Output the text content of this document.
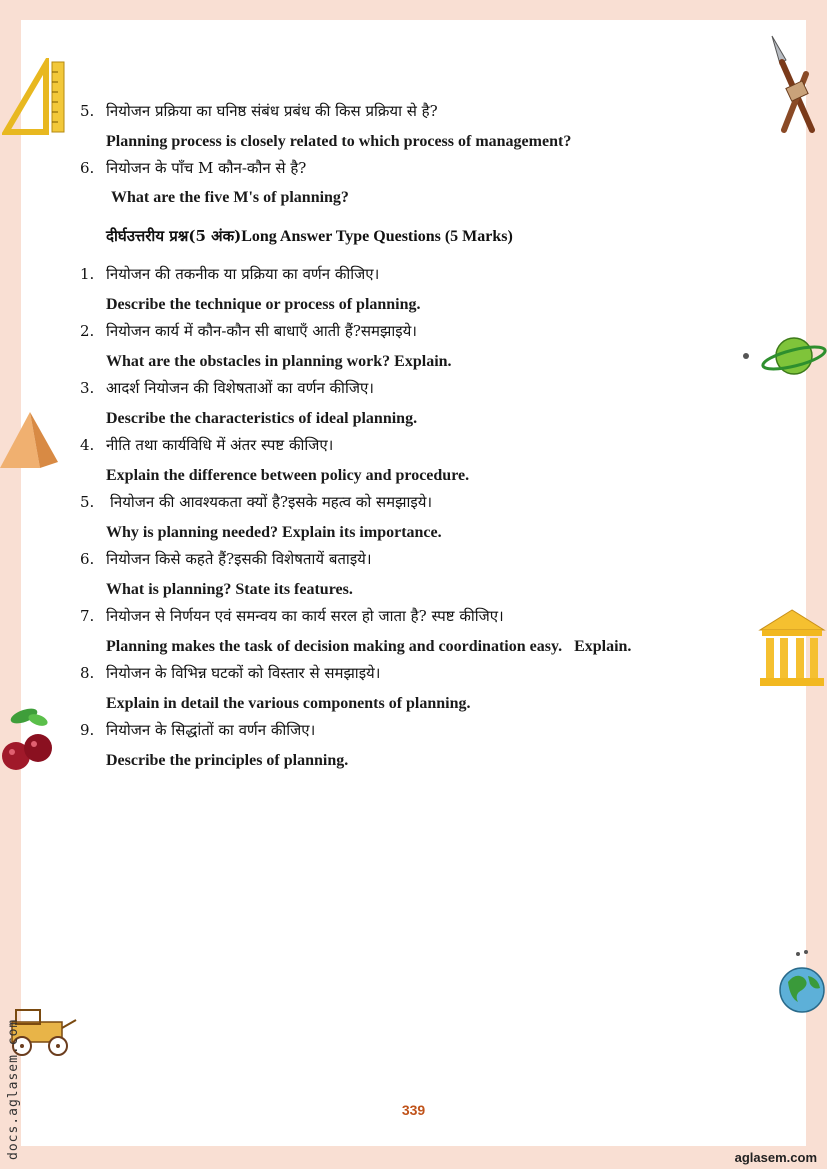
5. नियोजन प्रक्रिया का घनिष्ठ संबंध प्रबंध की किस प्रक्रिया से है?
Planning process is closely related to which process of management?
6. नियोजन के पाँच M कौन-कौन से है?
What are the five M's of planning?
दीर्घउत्तरीय प्रश्न(5 अंक)Long Answer Type Questions (5 Marks)
1. नियोजन की तकनीक या प्रक्रिया का वर्णन कीजिए।
Describe the technique or process of planning.
2. नियोजन कार्य में कौन-कौन सी बाधाएँ आती हैं?समझाइये।
What are the obstacles in planning work? Explain.
3. आदर्श नियोजन की विशेषताओं का वर्णन कीजिए।
Describe the characteristics of ideal planning.
4. नीति तथा कार्यविधि में अंतर स्पष्ट कीजिए।
Explain the difference between policy and procedure.
5. नियोजन की आवश्यकता क्यों है?इसके महत्व को समझाइये।
Why is planning needed? Explain its importance.
6. नियोजन किसे कहते हैं?इसकी विशेषतायें बताइये।
What is planning? State its features.
7. नियोजन से निर्णयन एवं समन्वय का कार्य सरल हो जाता है? स्पष्ट कीजिए।
Planning makes the task of decision making and coordination easy.   Explain.
8. नियोजन के विभिन्न घटकों को विस्तार से समझाइये।
Explain in detail the various components of planning.
9. नियोजन के सिद्धांतों का वर्णन कीजिए।
Describe the principles of planning.
339
docs.aglasem.com	aglasem.com
